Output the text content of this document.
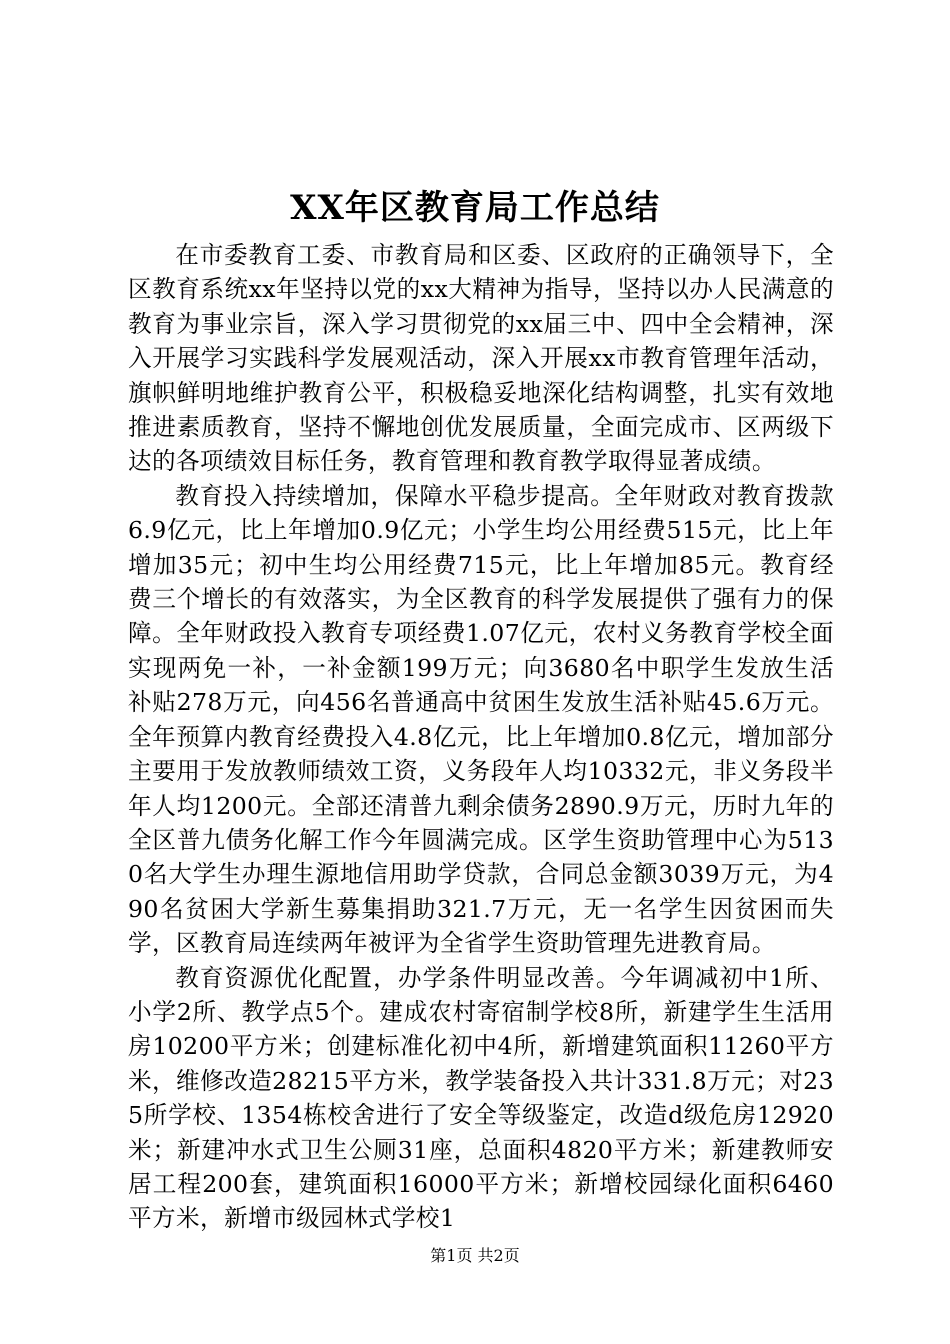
XX年区教育局工作总结

在市委教育工委、市教育局和区委、区政府的正确领导下，全区教育系统xx年坚持以党的xx大精神为指导，坚持以办人民满意的教育为事业宗旨，深入学习贯彻党的xx届三中、四中全会精神，深入开展学习实践科学发展观活动，深入开展xx市教育管理年活动，旗帜鲜明地维护教育公平，积极稳妥地深化结构调整，扎实有效地推进素质教育，坚持不懈地创优发展质量，全面完成市、区两级下达的各项绩效目标任务，教育管理和教育教学取得显著成绩。

教育投入持续增加，保障水平稳步提高。全年财政对教育拨款6.9亿元，比上年增加0.9亿元；小学生均公用经费515元，比上年增加35元；初中生均公用经费715元，比上年增加85元。教育经费三个增长的有效落实，为全区教育的科学发展提供了强有力的保障。全年财政投入教育专项经费1.07亿元，农村义务教育学校全面实现两免一补，一补金额199万元；向3680名中职学生发放生活补贴278万元，向456名普通高中贫困生发放生活补贴45.6万元。全年预算内教育经费投入4.8亿元，比上年增加0.8亿元，增加部分主要用于发放教师绩效工资，义务段年人均10332元，非义务段半年人均1200元。全部还清普九剩余债务2890.9万元，历时九年的全区普九债务化解工作今年圆满完成。区学生资助管理中心为5130名大学生办理生源地信用助学贷款，合同总金额3039万元，为490名贫困大学新生募集捐助321.7万元，无一名学生因贫困而失学，区教育局连续两年被评为全省学生资助管理先进教育局。

教育资源优化配置，办学条件明显改善。今年调减初中1所、小学2所、教学点5个。建成农村寄宿制学校8所，新建学生生活用房10200平方米；创建标准化初中4所，新增建筑面积11260平方米，维修改造28215平方米，教学装备投入共计331.8万元；对235所学校、1354栋校舍进行了安全等级鉴定，改造d级危房12920米；新建冲水式卫生公厕31座，总面积4820平方米；新建教师安居工程200套，建筑面积16000平方米；新增校园绿化面积6460平方米，新增市级园林式学校1

第1页 共2页
